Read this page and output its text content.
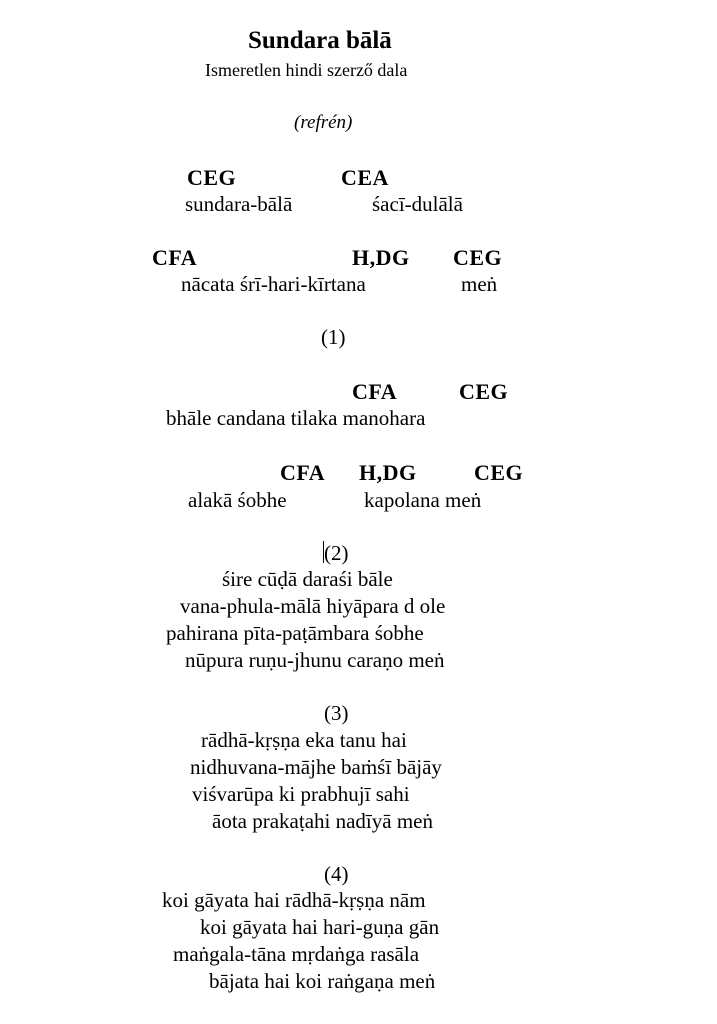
Sundara bālā
Ismeretlen hindi szerző dala
(refrén)
CEG	CEA
sundara-bālā	śacī-dulālā
CFA	H,DG CEG
nācata śrī-hari-kīrtana	meṅ
(1)
CFA	CEG
bhāle candana tilaka manohara
CFA H,DG	CEG
alakā śobhe	kapolana meṅ
(2)
śire cūḍā daraśi bāle
vana-phula-mālā hiyāpara d ole
pahirana pīta-paṭāmbara śobhe
nūpura ruṇu-jhunu caraṇo meṅ
(3)
rādhā-kṛṣṇa eka tanu hai
nidhuvana-mājhe baṁśī bājāy
viśvarūpa ki prabhujī sahi
āota prakaṭahi nadīyā meṅ
(4)
koi gāyata hai rādhā-kṛṣṇa nām
koi gāyata hai hari-guṇa gān
maṅgala-tāna mṛdaṅga rasāla
bājata hai koi raṅgaṇa meṅ
